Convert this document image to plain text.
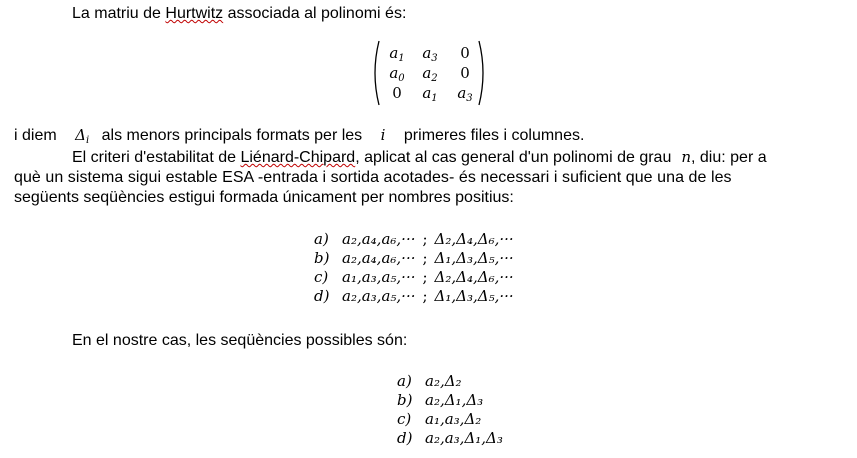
La matriu de Hurtwitz associada al polinomi és:
$a_1$	$a_3$	0
$a_0$	$a_2$	0
0	$a_1$	$a_3$
i diem $\Delta_i$ als menors principals formats per les i primeres files i columnes.
El criteri d'estabilitat de Liénard-Chipard, aplicat al cas general d'un polinomi de grau n, diu: per a
què un sistema sigui estable ESA -entrada i sortida acotades- és necessari i suficient que una de les
següents seqüències estigui formada únicament per nombres positius:
a) a₂,a₄,a₆,··· ; Δ₂,Δ₄,Δ₆,···
b) a₂,a₄,a₆,··· ; Δ₁,Δ₃,Δ₅,···
c) a₁,a₃,a₅,··· ; Δ₂,Δ₄,Δ₆,···
d) a₂,a₃,a₅,··· ; Δ₁,Δ₃,Δ₅,···
En el nostre cas, les seqüències possibles són:
a) a₂,Δ₂
b) a₂,Δ₁,Δ₃
c) a₁,a₃,Δ₂
d) a₂,a₃,Δ₁,Δ₃
